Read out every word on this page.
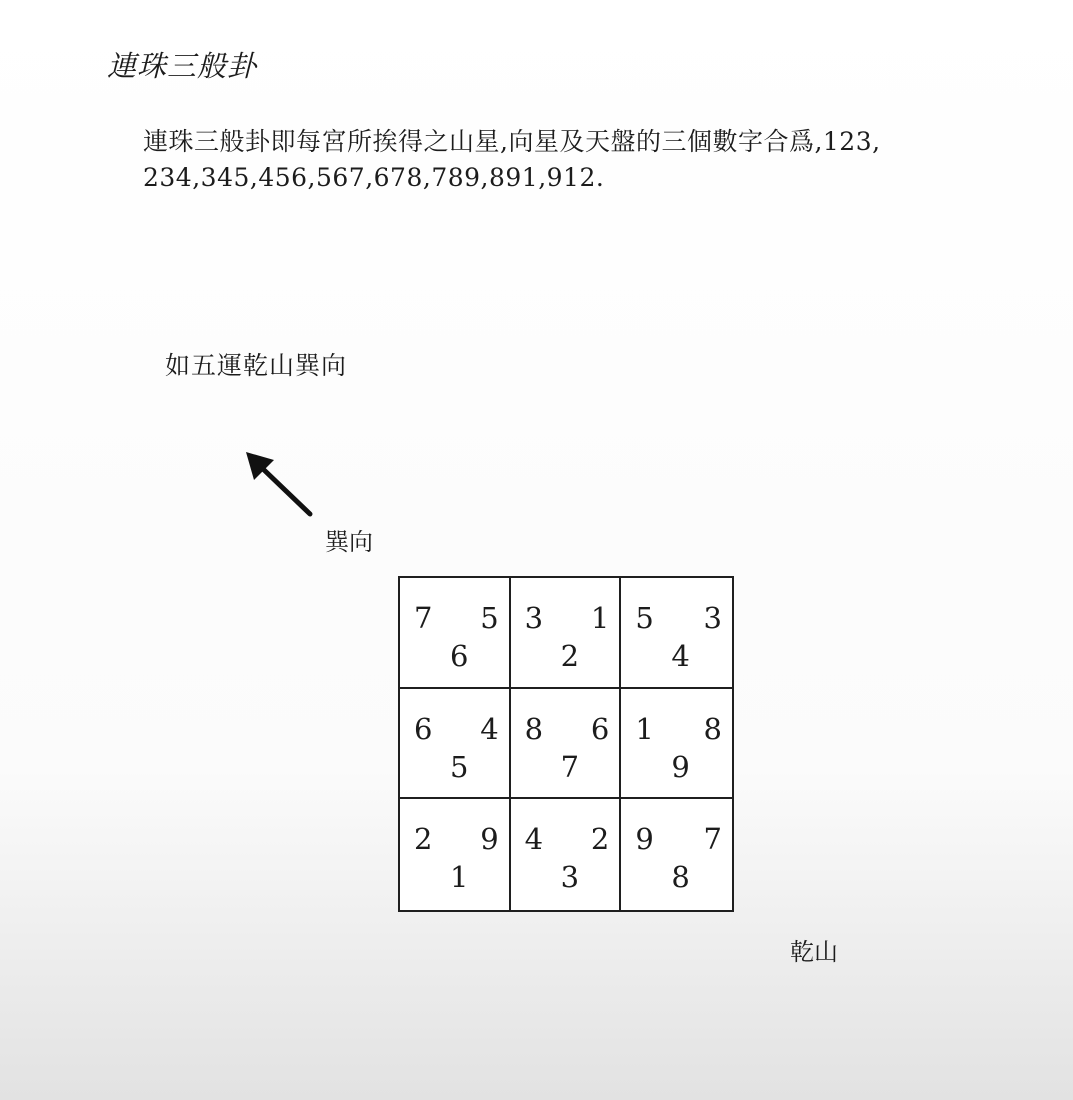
連珠三般卦

連珠三般卦即每宮所挨得之山星,向星及天盤的三個數字合爲,123, 234,345,456,567,678,789,891,912.

如五運乾山巽向

巽向

7 5
6
3 1
2
5 3
4
6 4
5
8 6
7
1 8
9
2 9
1
4 2
3
9 7
8

乾山
